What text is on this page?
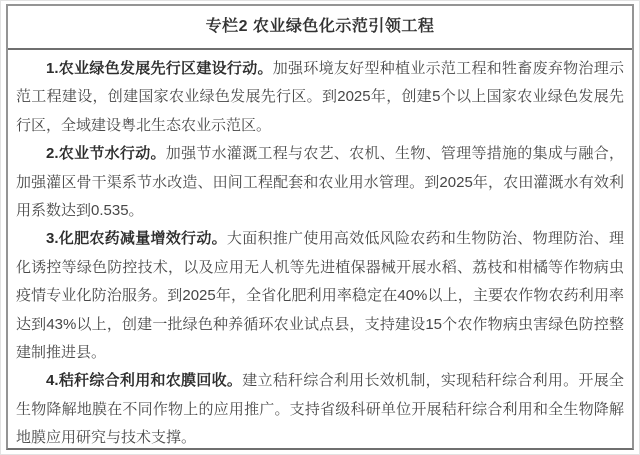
专栏2 农业绿色化示范引领工程

1.农业绿色发展先行区建设行动。加强环境友好型种植业示范工程和牲畜废弃物治理示范工程建设，创建国家农业绿色发展先行区。到2025年，创建5个以上国家农业绿色发展先行区，全域建设粤北生态农业示范区。

2.农业节水行动。加强节水灌溉工程与农艺、农机、生物、管理等措施的集成与融合，加强灌区骨干渠系节水改造、田间工程配套和农业用水管理。到2025年，农田灌溉水有效利用系数达到0.535。

3.化肥农药减量增效行动。大面积推广使用高效低风险农药和生物防治、物理防治、理化诱控等绿色防控技术，以及应用无人机等先进植保器械开展水稻、荔枝和柑橘等作物病虫疫情专业化防治服务。到2025年，全省化肥利用率稳定在40%以上，主要农作物农药利用率达到43%以上，创建一批绿色种养循环农业试点县，支持建设15个农作物病虫害绿色防控整建制推进县。

4.秸秆综合利用和农膜回收。建立秸秆综合利用长效机制，实现秸秆综合利用。开展全生物降解地膜在不同作物上的应用推广。支持省级科研单位开展秸秆综合利用和全生物降解地膜应用研究与技术支撑。
